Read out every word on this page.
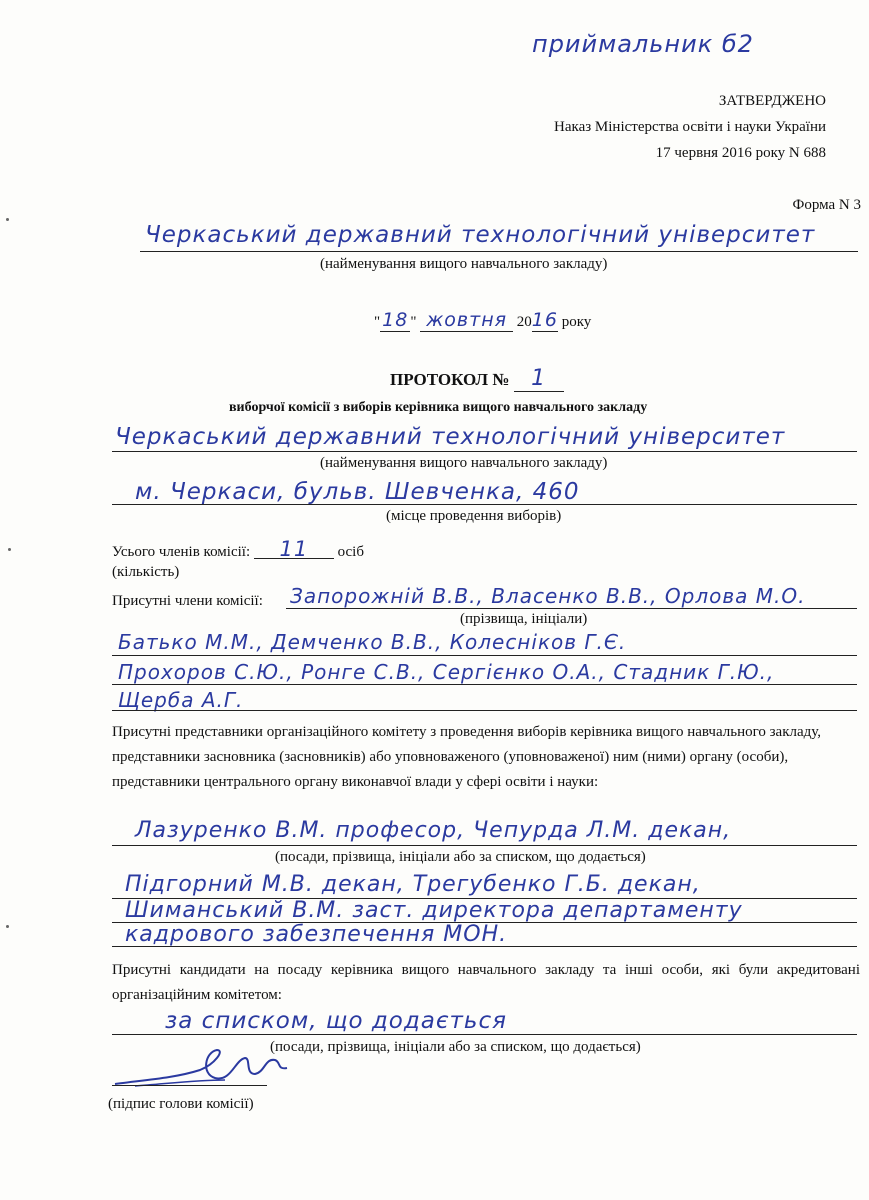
приймальник б2
ЗАТВЕРДЖЕНО
Наказ Міністерства освіти і науки України
17 червня 2016 року N 688
Форма N 3
Черкаський державний технологічний університет
(найменування вищого навчального закладу)
" 18 " жовтня 2016 року
ПРОТОКОЛ № 1
виборчої комісії з виборів керівника вищого навчального закладу
Черкаський державний технологічний університет
(найменування вищого навчального закладу)
м. Черкаси, бульв. Шевченка, 460
(місце проведення виборів)
Усього членів комісії: 11 осіб
(кількість)
Присутні члени комісії: Запорожній В.В., Власенко В.В., Орлова М.О.
(прізвища, ініціали)
Батько М.М., Демченко В.В., Колесніков Г.Є.
Прохоров С.Ю., Ронге С.В., Сергієнко О.А., Стадник Г.Ю.,
Щерба А.Г.
Присутні представники організаційного комітету з проведення виборів керівника вищого навчального закладу, представники засновника (засновників) або уповноваженого (уповноваженої) ним (ними) органу (особи), представники центрального органу виконавчої влади у сфері освіти і науки:
Лазуренко В.М. професор, Чепурда Л.М. декан,
(посади, прізвища, ініціали або за списком, що додається)
Підгорний М.В. декан, Трегубенко Г.Б. декан,
Шиманський В.М. заст. директора департаменту
кадрового забезпечення МОН.
Присутні кандидати на посаду керівника вищого навчального закладу та інші особи, які були акредитовані організаційним комітетом:
за списком, що додається
(посади, прізвища, ініціали або за списком, що додається)
(підпис голови комісії)
